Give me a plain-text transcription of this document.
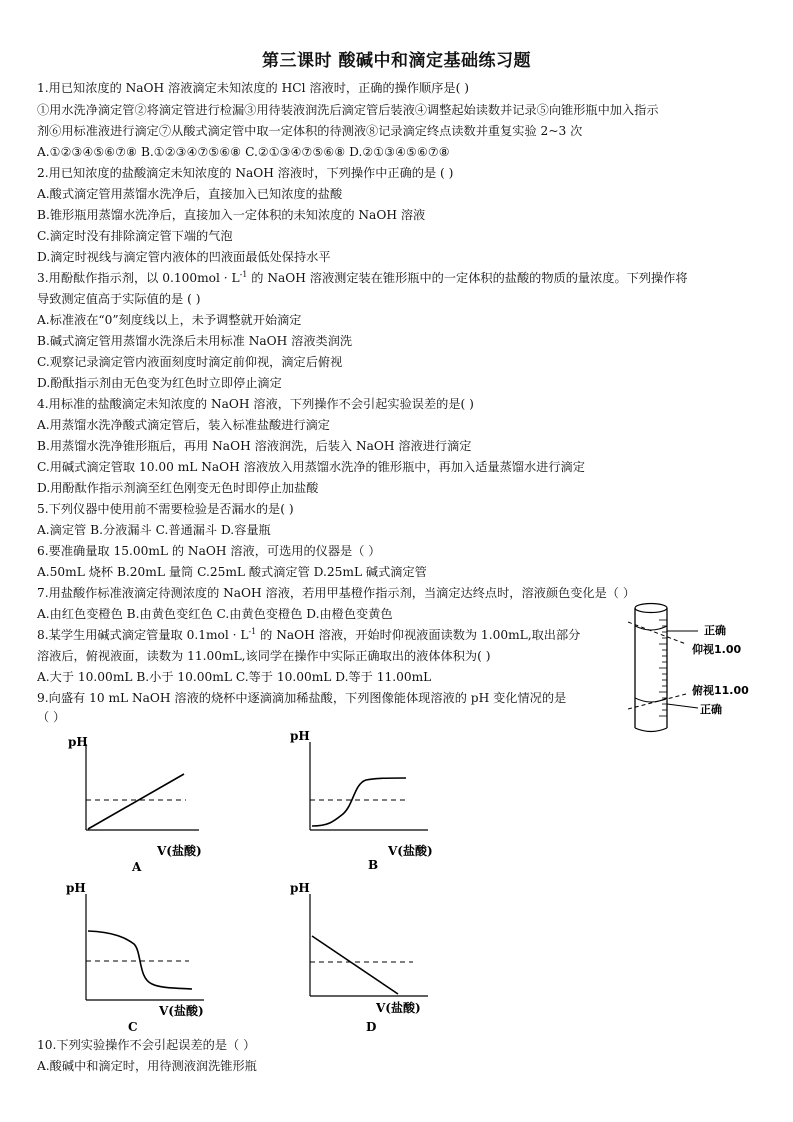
第三课时 酸碱中和滴定基础练习题
1.用已知浓度的 NaOH 溶液滴定未知浓度的 HCl 溶液时，正确的操作顺序是( )
①用水洗净滴定管②将滴定管进行检漏③用待装液润洗后滴定管后装液④调整起始读数并记录⑤向锥形瓶中加入指示
剂⑥用标准液进行滴定⑦从酸式滴定管中取一定体积的待测液⑧记录滴定终点读数并重复实验 2~3 次
A.①②③④⑤⑥⑦⑧ B.①②③④⑦⑤⑥⑧ C.②①③④⑦⑤⑥⑧ D.②①③④⑤⑥⑦⑧
2.用已知浓度的盐酸滴定未知浓度的 NaOH 溶液时，下列操作中正确的是 ( )
A.酸式滴定管用蒸馏水洗净后，直接加入已知浓度的盐酸
B.锥形瓶用蒸馏水洗净后，直接加入一定体积的未知浓度的 NaOH 溶液
C.滴定时没有排除滴定管下端的气泡
D.滴定时视线与滴定管内液体的凹液面最低处保持水平
3.用酚酞作指示剂，以 $0.100mol \cdot L^{-1}$ 的 NaOH 溶液测定装在锥形瓶中的一定体积的盐酸的物质的量浓度。下列操作将
导致测定值高于实际值的是 ( )
A.标准液在“0”刻度线以上，未予调整就开始滴定
B.碱式滴定管用蒸馏水洗涤后未用标准 NaOH 溶液类润洗
C.观察记录滴定管内液面刻度时滴定前仰视，滴定后俯视
D.酚酞指示剂由无色变为红色时立即停止滴定
4.用标准的盐酸滴定未知浓度的 NaOH 溶液，下列操作不会引起实验误差的是( )
A.用蒸馏水洗净酸式滴定管后，装入标准盐酸进行滴定
B.用蒸馏水洗净锥形瓶后，再用 NaOH 溶液润洗，后装入 NaOH 溶液进行滴定
C.用碱式滴定管取 10.00 mL NaOH 溶液放入用蒸馏水洗净的锥形瓶中，再加入适量蒸馏水进行滴定
D.用酚酞作指示剂滴至红色刚变无色时即停止加盐酸
5.下列仪器中使用前不需要检验是否漏水的是( )
A.滴定管 B.分液漏斗 C.普通漏斗 D.容量瓶
6.要准确量取 15.00mL 的 NaOH 溶液，可选用的仪器是（ ）
A.50mL 烧杯 B.20mL 量筒 C.25mL 酸式滴定管 D.25mL 碱式滴定管
7.用盐酸作标准液滴定待测浓度的 NaOH 溶液，若用甲基橙作指示剂，当滴定达终点时，溶液颜色变化是（ ）
A.由红色变橙色 B.由黄色变红色 C.由黄色变橙色 D.由橙色变黄色
8.某学生用碱式滴定管量取 $0.1mol \cdot L^{-1}$ 的 NaOH 溶液，开始时仰视液面读数为 1.00mL,取出部分
溶液后，俯视液面，读数为 11.00mL,该同学在操作中实际正确取出的液体体积为( )
A.大于 10.00mL B.小于 10.00mL C.等于 10.00mL D.等于 11.00mL
9.向盛有 10 mL NaOH 溶液的烧杯中逐滴滴加稀盐酸，下列图像能体现溶液的 pH 变化情况的是
（ ）
正确
仰视1.00
俯视11.00
正确
pH
V(盐酸)
A
pH
V(盐酸)
B
pH
V(盐酸)
C
pH
V(盐酸)
D
10.下列实验操作不会引起误差的是（ ）
A.酸碱中和滴定时，用待测液润洗锥形瓶
